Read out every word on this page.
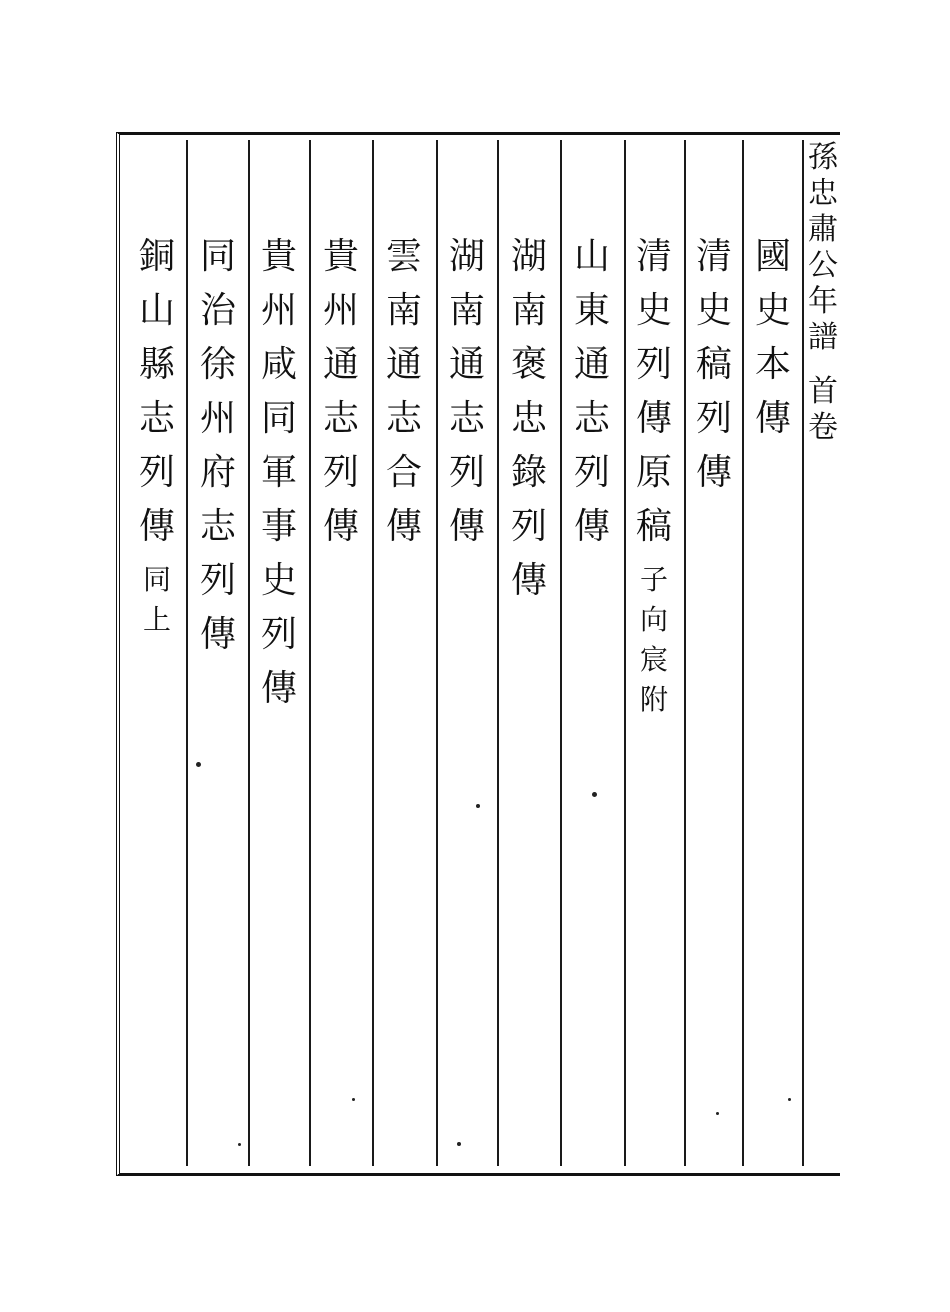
孫忠肅公年譜
首卷
國史本傳
清史稿列傳
清史列傳原稿
子向宸附
山東通志列傳
湖南褒忠錄列傳
湖南通志列傳
雲南通志合傳
貴州通志列傳
貴州咸同軍事史列傳
同治徐州府志列傳
銅山縣志列傳
同上
